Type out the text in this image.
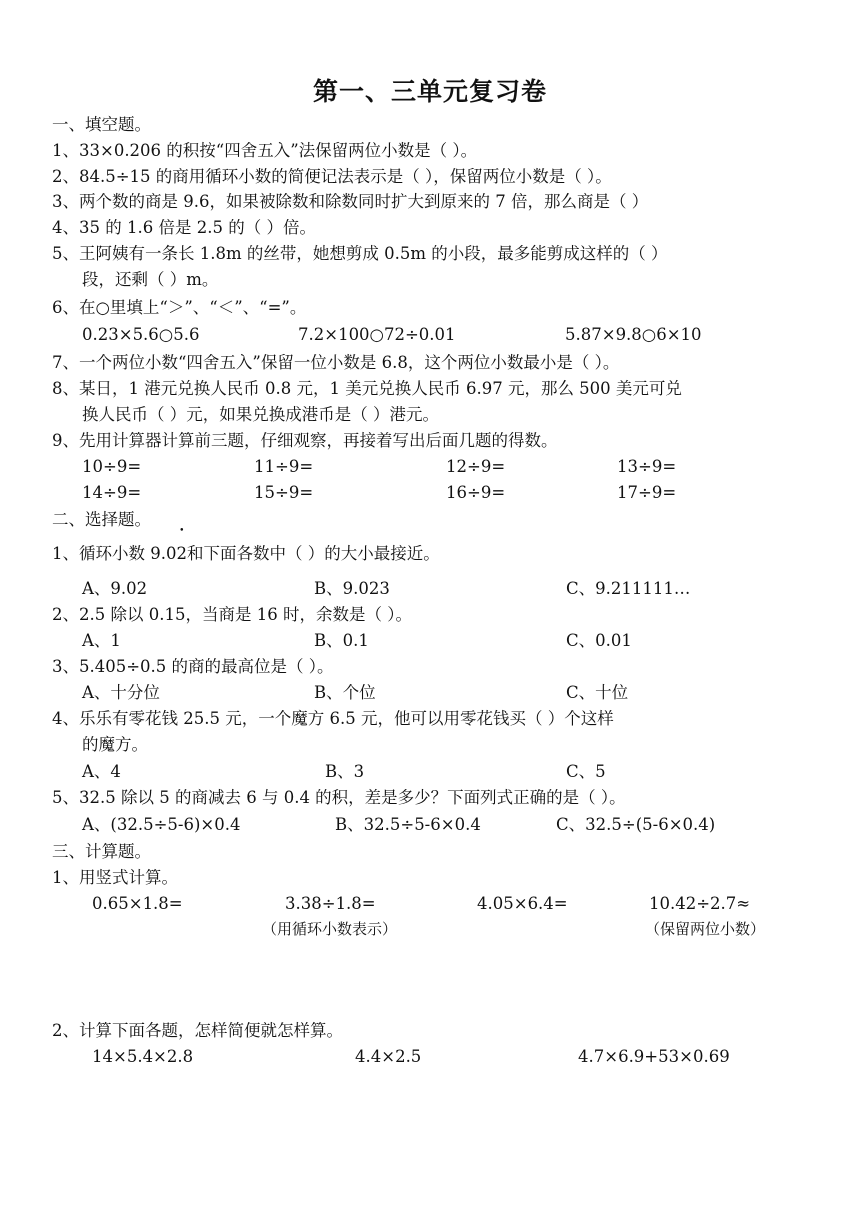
第一、三单元复习卷
一、填空题。
1、33×0.206 的积按“四舍五入”法保留两位小数是（ ）。
2、84.5÷15 的商用循环小数的简便记法表示是（ ），保留两位小数是（ ）。
3、两个数的商是 9.6，如果被除数和除数同时扩大到原来的 7 倍，那么商是（ ）
4、35 的 1.6 倍是 2.5 的（ ）倍。
5、王阿姨有一条长 1.8m 的丝带，她想剪成 0.5m 的小段，最多能剪成这样的（ ）
段，还剩（ ）m。
6、在○里填上“＞”、“＜”、“=”。
0.23×5.6○5.6	7.2×100○72÷0.01	5.87×9.8○6×10
7、一个两位小数“四舍五入”保留一位小数是 6.8，这个两位小数最小是（ ）。
8、某日，1 港元兑换人民币 0.8 元，1 美元兑换人民币 6.97 元，那么 500 美元可兑
换人民币（ ）元，如果兑换成港币是（ ）港元。
9、先用计算器计算前三题，仔细观察，再接着写出后面几题的得数。
10÷9=	11÷9=	12÷9=	13÷9=
14÷9=	15÷9=	16÷9=	17÷9=
二、选择题。
1、循环小数 9.0• 2和下面各数中（ ）的大小最接近。
A、9.02	B、9.023	C、9.211111…
2、2.5 除以 0.15，当商是 16 时，余数是（ ）。
A、1	B、0.1	C、0.01
3、5.405÷0.5 的商的最高位是（ ）。
A、十分位	B、个位	C、十位
4、乐乐有零花钱 25.5 元，一个魔方 6.5 元，他可以用零花钱买（ ）个这样
的魔方。
A、4	B、3	C、5
5、32.5 除以 5 的商减去 6 与 0.4 的积，差是多少？下面列式正确的是（ ）。
A、(32.5÷5-6)×0.4	B、32.5÷5-6×0.4	C、32.5÷(5-6×0.4)
三、计算题。
1、用竖式计算。
0.65×1.8=	3.38÷1.8=	4.05×6.4=	10.42÷2.7≈
（用循环小数表示）	（保留两位小数）
2、计算下面各题，怎样简便就怎样算。
14×5.4×2.8	4.4×2.5	4.7×6.9+53×0.69
